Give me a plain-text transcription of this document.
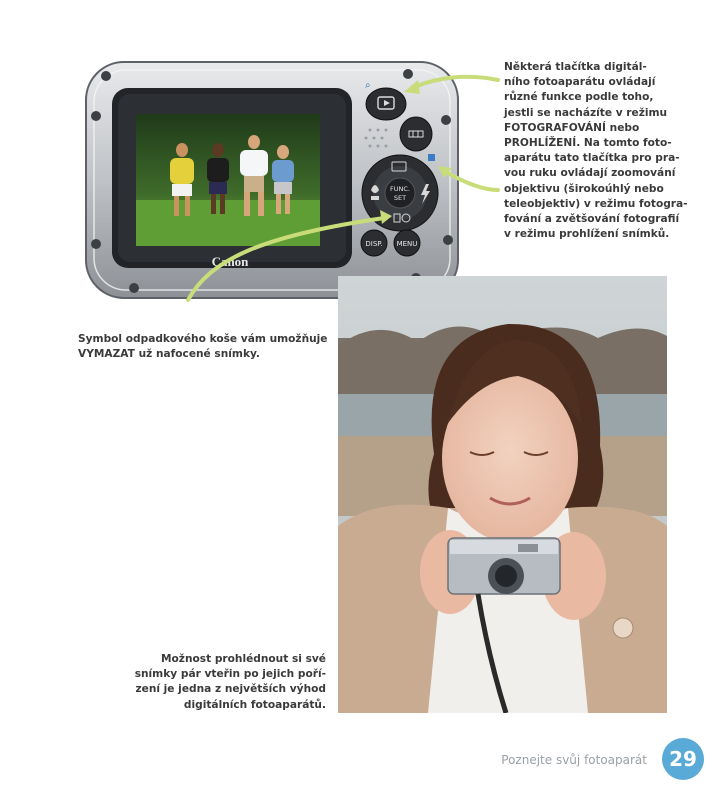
Canon
⌕
FUNC.
SET
DISP. MENU
Některá tlačítka digitál-
ního fotoaparátu ovládají
různé funkce podle toho,
jestli se nacházíte v režimu
FOTOGRAFOVÁNÍ nebo
PROHLÍŽENÍ. Na tomto foto-
aparátu tato tlačítka pro pra-
vou ruku ovládají zoomování
objektivu (širokoúhlý nebo
teleobjektiv) v režimu fotogra-
fování a zvětšování fotografií
v režimu prohlížení snímků.
Symbol odpadkového koše vám umožňuje
VYMAZAT už nafocené snímky.
Možnost prohlédnout si své
snímky pár vteřin po jejich poří-
zení je jedna z největších výhod
digitálních fotoaparátů.
Poznejte svůj fotoaparát	29
